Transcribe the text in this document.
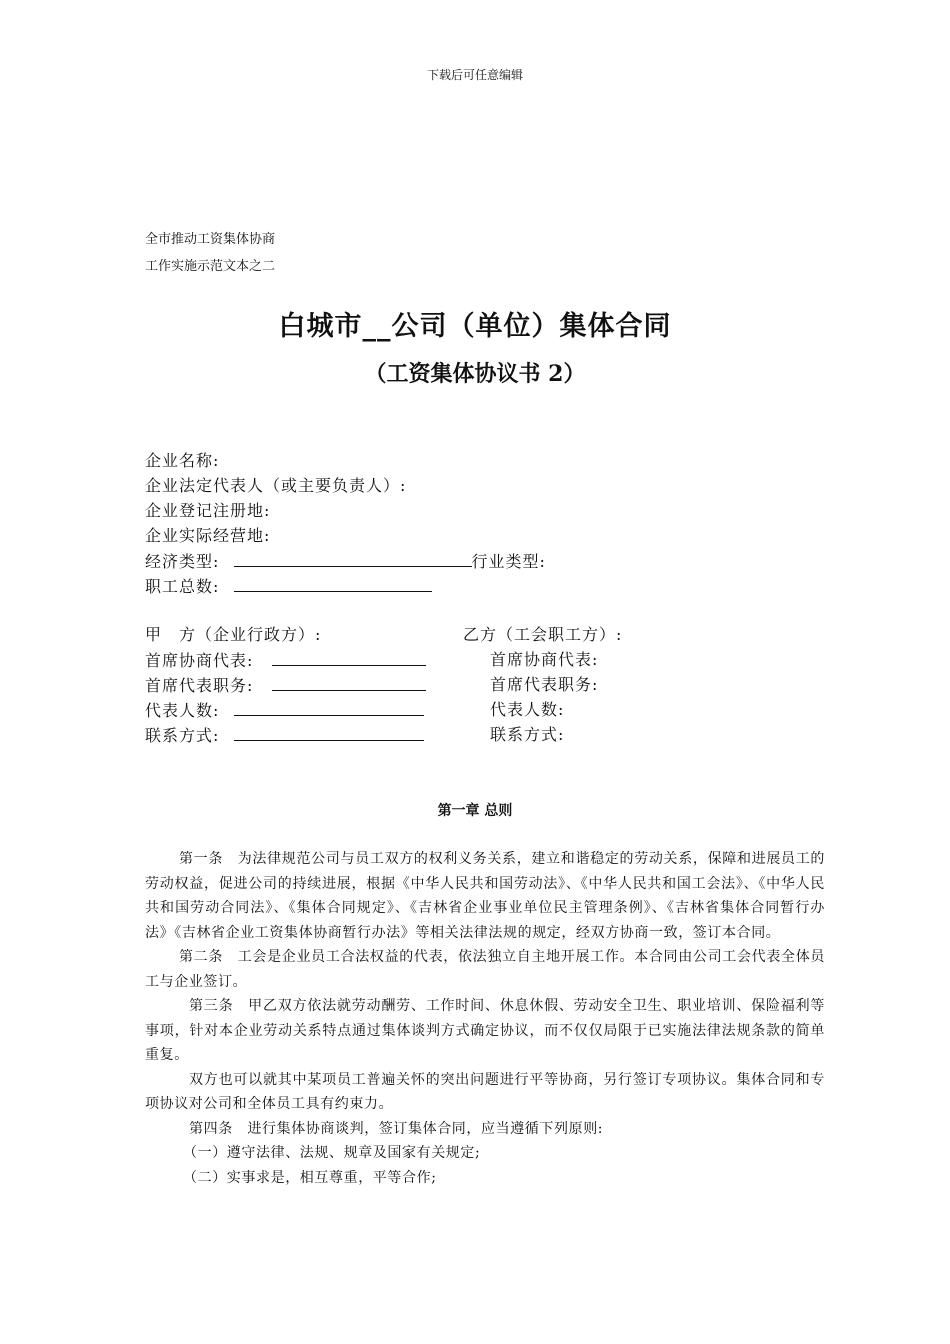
下载后可任意编辑
全市推动工资集体协商
工作实施示范文本之二
白城市__公司（单位）集体合同
（工资集体协议书 2）
企业名称:
企业法定代表人（或主要负责人）:
企业登记注册地:
企业实际经营地:
经济类型:	行业类型:
职工总数:
甲　方（企业行政方）:	乙方（工会职工方）:
首席协商代表:	首席协商代表:
首席代表职务:	首席代表职务:
代表人数:	代表人数:
联系方式:	联系方式:
第一章 总则

第一条　为法律规范公司与员工双方的权利义务关系，建立和谐稳定的劳动关系，保障和进展员工的劳动权益，促进公司的持续进展，根据《中华人民共和国劳动法》、《中华人民共和国工会法》、《中华人民共和国劳动合同法》、《集体合同规定》、《吉林省企业事业单位民主管理条例》、《吉林省集体合同暂行办法》《吉林省企业工资集体协商暂行办法》等相关法律法规的规定，经双方协商一致，签订本合同。

第二条　工会是企业员工合法权益的代表，依法独立自主地开展工作。本合同由公司工会代表全体员工与企业签订。

第三条　甲乙双方依法就劳动酬劳、工作时间、休息休假、劳动安全卫生、职业培训、保险福利等事项，针对本企业劳动关系特点通过集体谈判方式确定协议，而不仅仅局限于已实施法律法规条款的简单重复。

双方也可以就其中某项员工普遍关怀的突出问题进行平等协商，另行签订专项协议。集体合同和专项协议对公司和全体员工具有约束力。

第四条　进行集体协商谈判，签订集体合同，应当遵循下列原则:

（一）遵守法律、法规、规章及国家有关规定;

（二）实事求是，相互尊重，平等合作;
